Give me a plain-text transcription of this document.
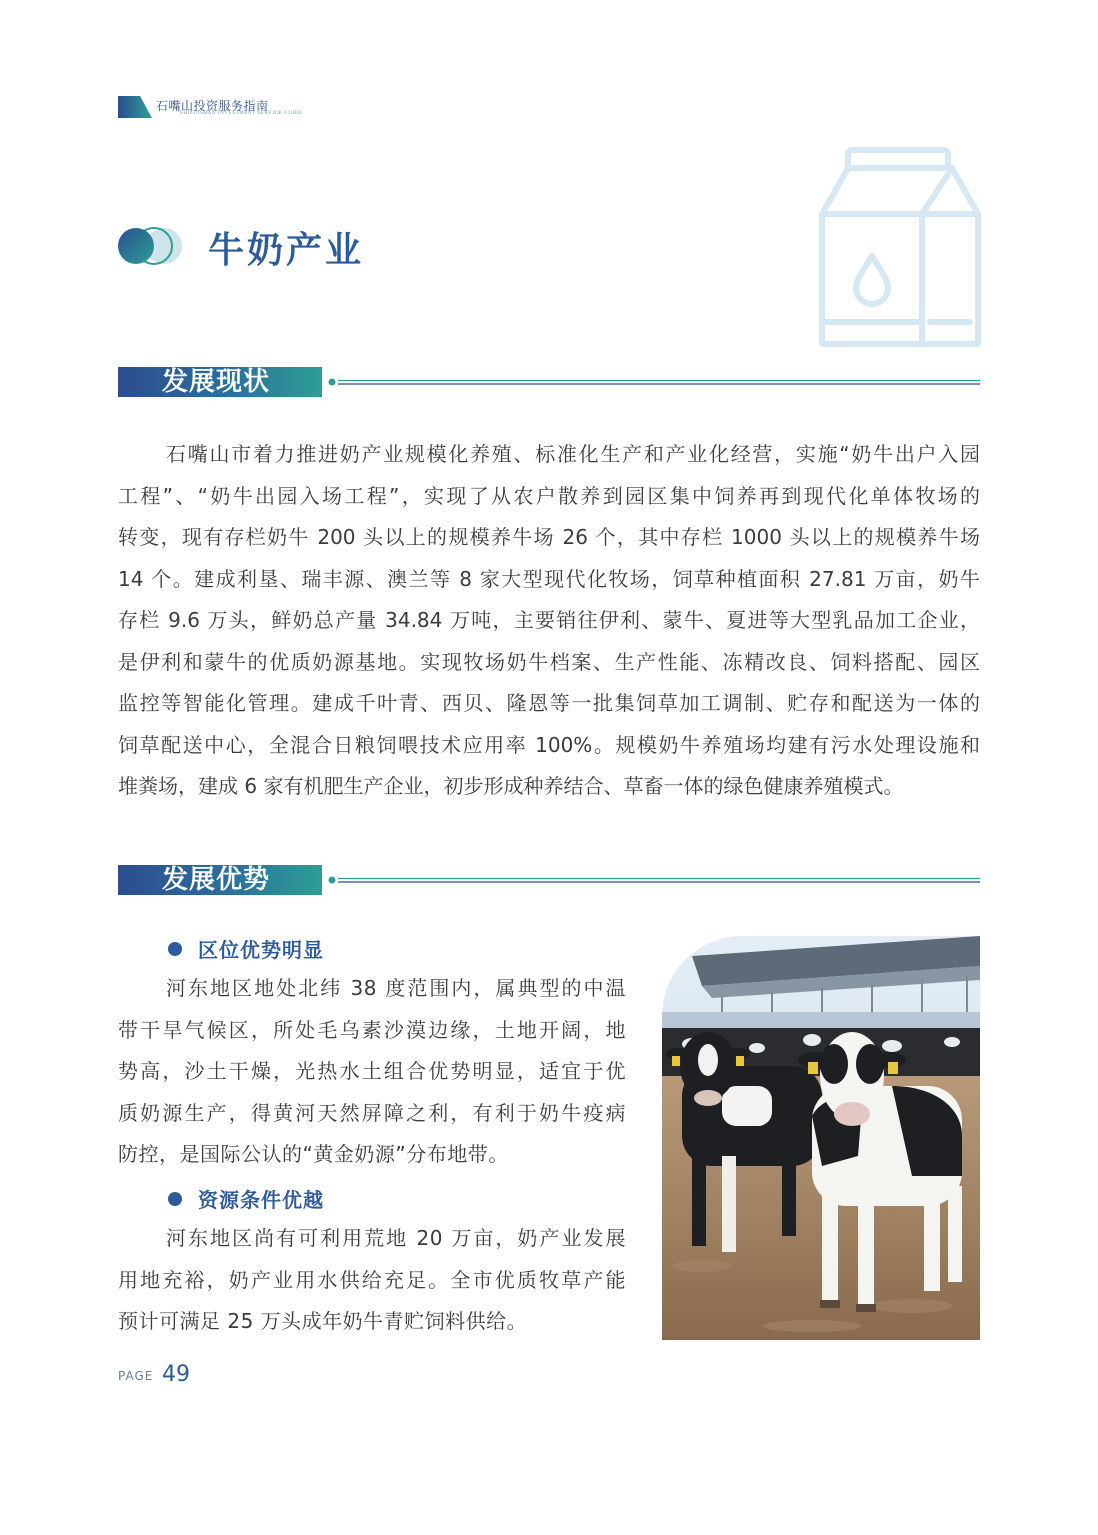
石嘴山投资服务指南
SHIZUISHAN INVESTMENT SERVICE GUIDE
牛奶产业
发展现状
石嘴山市着力推进奶产业规模化养殖、标准化生产和产业化经营，实施“奶牛出户入园
工程”、“奶牛出园入场工程”，实现了从农户散养到园区集中饲养再到现代化单体牧场的
转变，现有存栏奶牛 200 头以上的规模养牛场 26 个，其中存栏 1000 头以上的规模养牛场
14 个。建成利垦、瑞丰源、澳兰等 8 家大型现代化牧场，饲草种植面积 27.81 万亩，奶牛
存栏 9.6 万头，鲜奶总产量 34.84 万吨，主要销往伊利、蒙牛、夏进等大型乳品加工企业，
是伊利和蒙牛的优质奶源基地。实现牧场奶牛档案、生产性能、冻精改良、饲料搭配、园区
监控等智能化管理。建成千叶青、西贝、隆恩等一批集饲草加工调制、贮存和配送为一体的
饲草配送中心，全混合日粮饲喂技术应用率 100%。规模奶牛养殖场均建有污水处理设施和
堆粪场，建成 6 家有机肥生产企业，初步形成种养结合、草畜一体的绿色健康养殖模式。
发展优势
区位优势明显
河东地区地处北纬 38 度范围内，属典型的中温
带干旱气候区，所处毛乌素沙漠边缘，土地开阔，地
势高，沙土干燥，光热水土组合优势明显，适宜于优
质奶源生产，得黄河天然屏障之利，有利于奶牛疫病
防控，是国际公认的“黄金奶源”分布地带。
资源条件优越
河东地区尚有可利用荒地 20 万亩，奶产业发展
用地充裕，奶产业用水供给充足。全市优质牧草产能
预计可满足 25 万头成年奶牛青贮饲料供给。
PAGE 49
